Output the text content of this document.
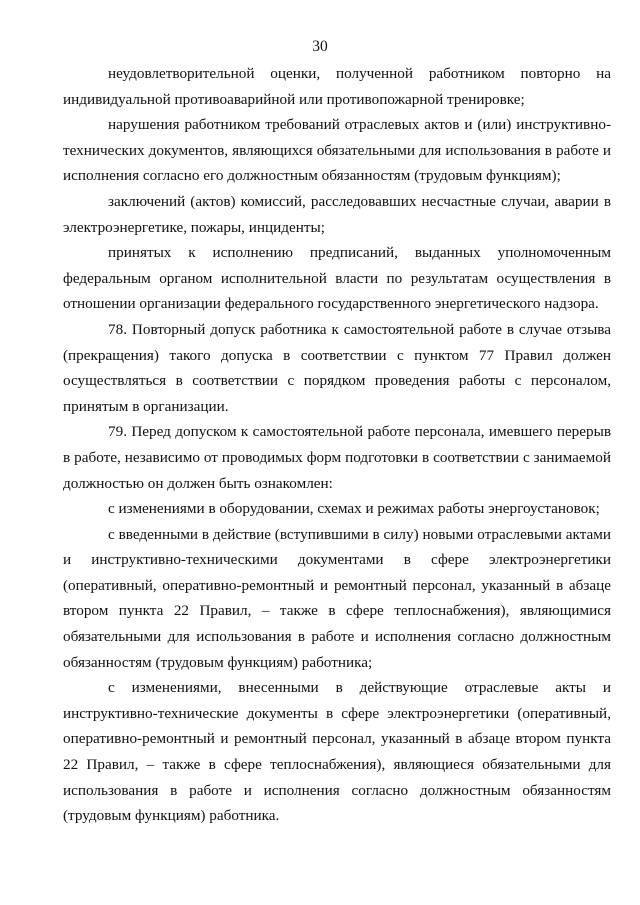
30

неудовлетворительной оценки, полученной работником повторно на индивидуальной противоаварийной или противопожарной тренировке;

нарушения работником требований отраслевых актов и (или) инструктивно-технических документов, являющихся обязательными для использования в работе и исполнения согласно его должностным обязанностям (трудовым функциям);

заключений (актов) комиссий, расследовавших несчастные случаи, аварии в электроэнергетике, пожары, инциденты;

принятых к исполнению предписаний, выданных уполномоченным федеральным органом исполнительной власти по результатам осуществления в отношении организации федерального государственного энергетического надзора.

78. Повторный допуск работника к самостоятельной работе в случае отзыва (прекращения) такого допуска в соответствии с пунктом 77 Правил должен осуществляться в соответствии с порядком проведения работы с персоналом, принятым в организации.

79. Перед допуском к самостоятельной работе персонала, имевшего перерыв в работе, независимо от проводимых форм подготовки в соответствии с занимаемой должностью он должен быть ознакомлен:

с изменениями в оборудовании, схемах и режимах работы энергоустановок;

с введенными в действие (вступившими в силу) новыми отраслевыми актами и инструктивно-техническими документами в сфере электроэнергетики (оперативный, оперативно-ремонтный и ремонтный персонал, указанный в абзаце втором пункта 22 Правил, – также в сфере теплоснабжения), являющимися обязательными для использования в работе и исполнения согласно должностным обязанностям (трудовым функциям) работника;

с изменениями, внесенными в действующие отраслевые акты и инструктивно-технические документы в сфере электроэнергетики (оперативный, оперативно-ремонтный и ремонтный персонал, указанный в абзаце втором пункта 22 Правил, – также в сфере теплоснабжения), являющиеся обязательными для использования в работе и исполнения согласно должностным обязанностям (трудовым функциям) работника.
